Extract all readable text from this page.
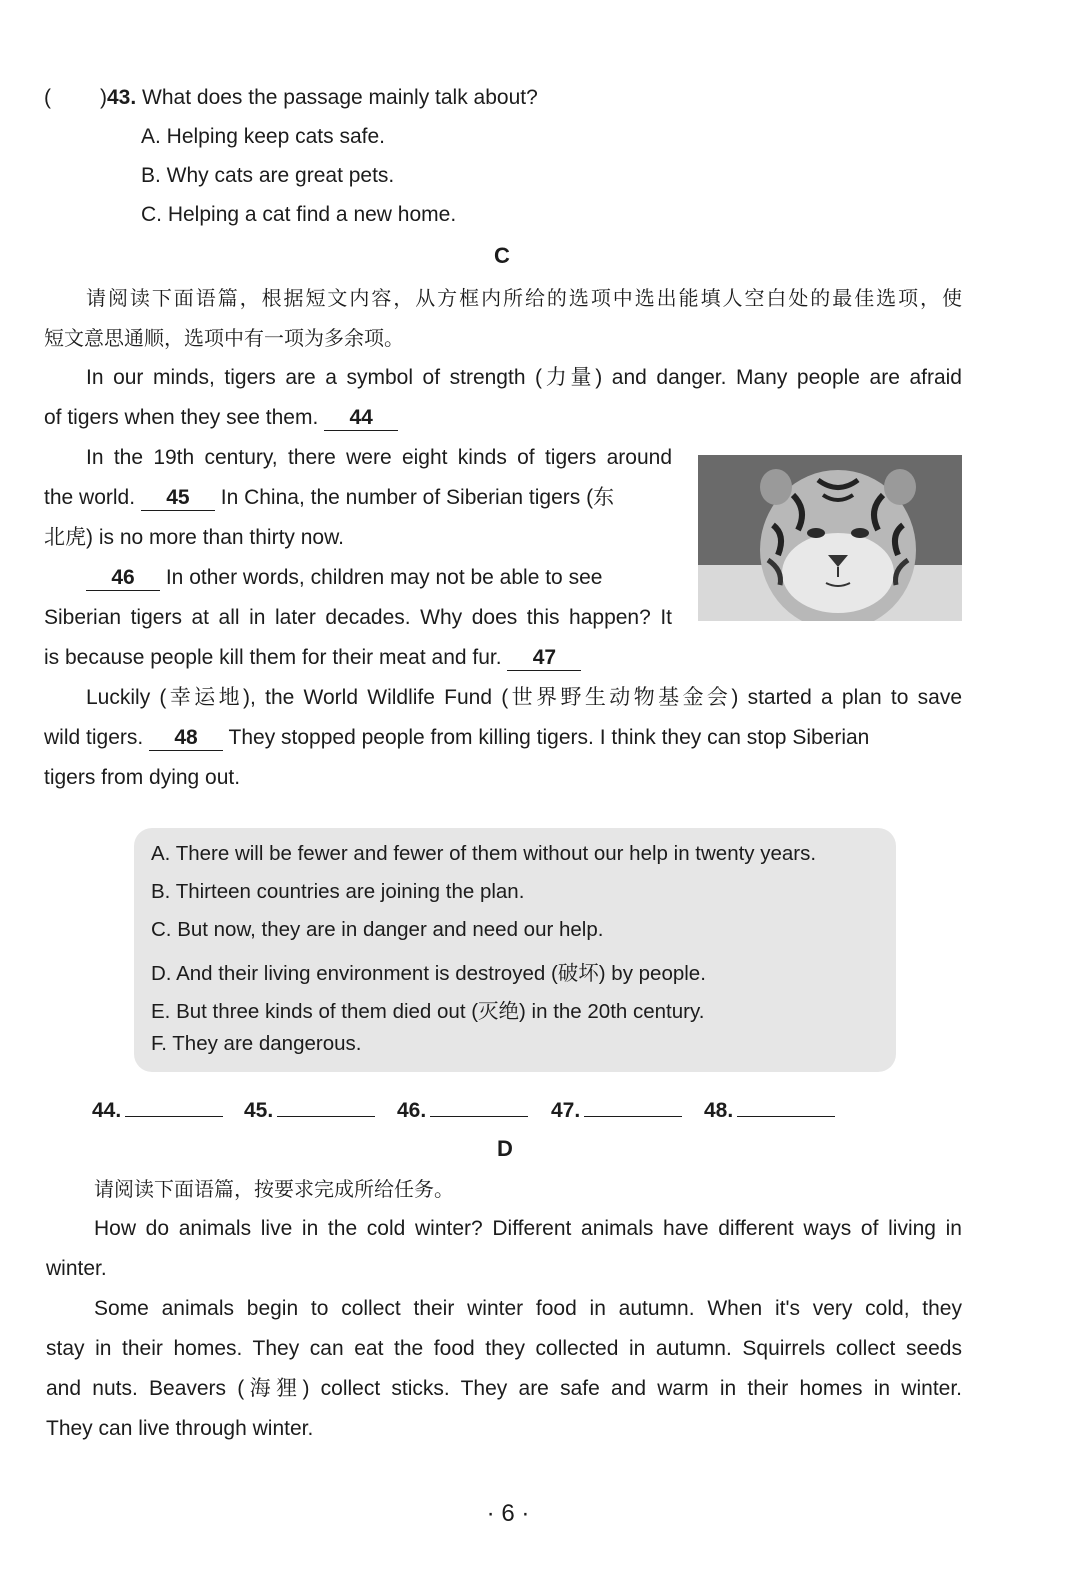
( )43. What does the passage mainly talk about?
A. Helping keep cats safe.
B. Why cats are great pets.
C. Helping a cat find a new home.
C
请阅读下面语篇，根据短文内容，从方框内所给的选项中选出能填人空白处的最佳选项，使
短文意思通顺，选项中有一项为多余项。
In our minds, tigers are a symbol of strength (力量) and danger. Many people are afraid
of tigers when they see them. 44
In the 19th century, there were eight kinds of tigers around
the world. 45 In China, the number of Siberian tigers (东
北虎) is no more than thirty now.
46 In other words, children may not be able to see
Siberian tigers at all in later decades. Why does this happen? It
is because people kill them for their meat and fur. 47
Luckily (幸运地), the World Wildlife Fund (世界野生动物基金会) started a plan to save
wild tigers. 48 They stopped people from killing tigers. I think they can stop Siberian
tigers from dying out.
A. There will be fewer and fewer of them without our help in twenty years.
B. Thirteen countries are joining the plan.
C. But now, they are in danger and need our help.
D. And their living environment is destroyed (破坏) by people.
E. But three kinds of them died out (灭绝) in the 20th century.
F. They are dangerous.
44.	45.	46.	47.	48.
D
请阅读下面语篇，按要求完成所给任务。
How do animals live in the cold winter? Different animals have different ways of living in
winter.
Some animals begin to collect their winter food in autumn. When it's very cold, they
stay in their homes. They can eat the food they collected in autumn. Squirrels collect seeds
and nuts. Beavers (海狸) collect sticks. They are safe and warm in their homes in winter.
They can live through winter.
· 6 ·
